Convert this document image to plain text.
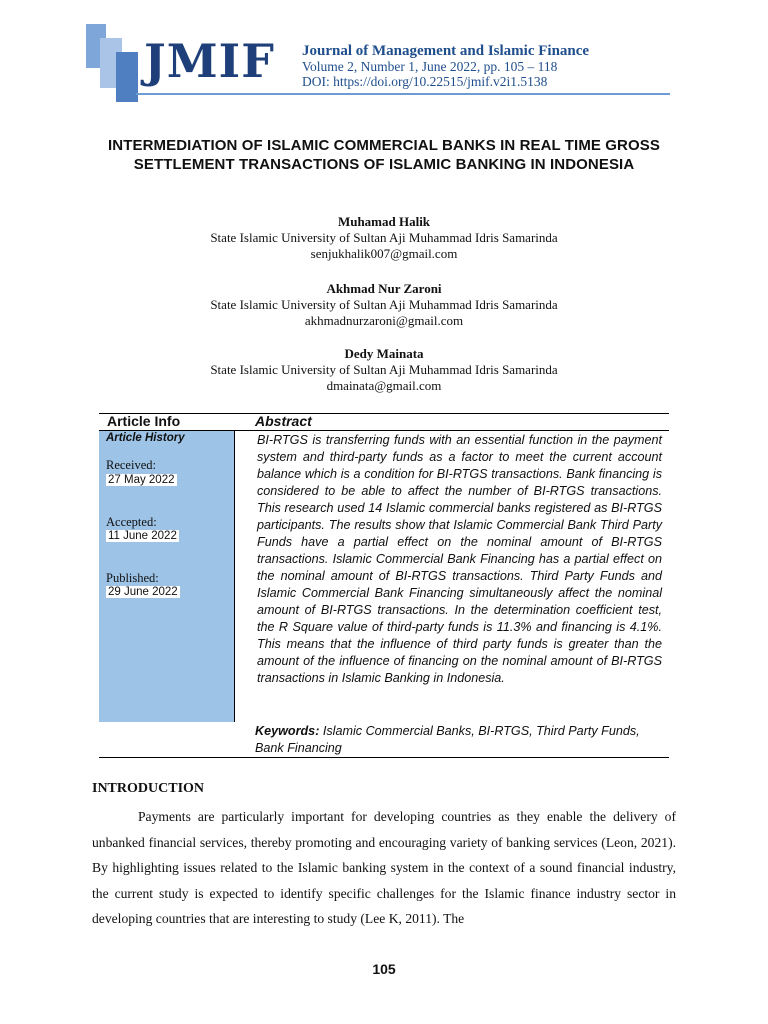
JMIF Journal of Management and Islamic Finance
Volume 2, Number 1, June 2022, pp. 105 – 118
DOI: https://doi.org/10.22515/jmif.v2i1.5138
INTERMEDIATION OF ISLAMIC COMMERCIAL BANKS IN REAL TIME GROSS SETTLEMENT TRANSACTIONS OF ISLAMIC BANKING IN INDONESIA
Muhamad Halik
State Islamic University of Sultan Aji Muhammad Idris Samarinda
senjukhalik007@gmail.com
Akhmad Nur Zaroni
State Islamic University of Sultan Aji Muhammad Idris Samarinda
akhmadnurzaroni@gmail.com
Dedy Mainata
State Islamic University of Sultan Aji Muhammad Idris Samarinda
dmainata@gmail.com
Article Info	Abstract
Article History
Received:
27 May 2022
Accepted:
11 June 2022
Published:
29 June 2022
BI-RTGS is transferring funds with an essential function in the payment system and third-party funds as a factor to meet the current account balance which is a condition for BI-RTGS transactions. Bank financing is considered to be able to affect the number of BI-RTGS transactions. This research used 14 Islamic commercial banks registered as BI-RTGS participants. The results show that Islamic Commercial Bank Third Party Funds have a partial effect on the nominal amount of BI-RTGS transactions. Islamic Commercial Bank Financing has a partial effect on the nominal amount of BI-RTGS transactions. Third Party Funds and Islamic Commercial Bank Financing simultaneously affect the nominal amount of BI-RTGS transactions. In the determination coefficient test, the R Square value of third-party funds is 11.3% and financing is 4.1%. This means that the influence of third party funds is greater than the amount of the influence of financing on the nominal amount of BI-RTGS transactions in Islamic Banking in Indonesia.
Keywords: Islamic Commercial Banks, BI-RTGS, Third Party Funds, Bank Financing
INTRODUCTION
Payments are particularly important for developing countries as they enable the delivery of unbanked financial services, thereby promoting and encouraging variety of banking services (Leon, 2021). By highlighting issues related to the Islamic banking system in the context of a sound financial industry, the current study is expected to identify specific challenges for the Islamic finance industry sector in developing countries that are interesting to study (Lee K, 2011). The
105
